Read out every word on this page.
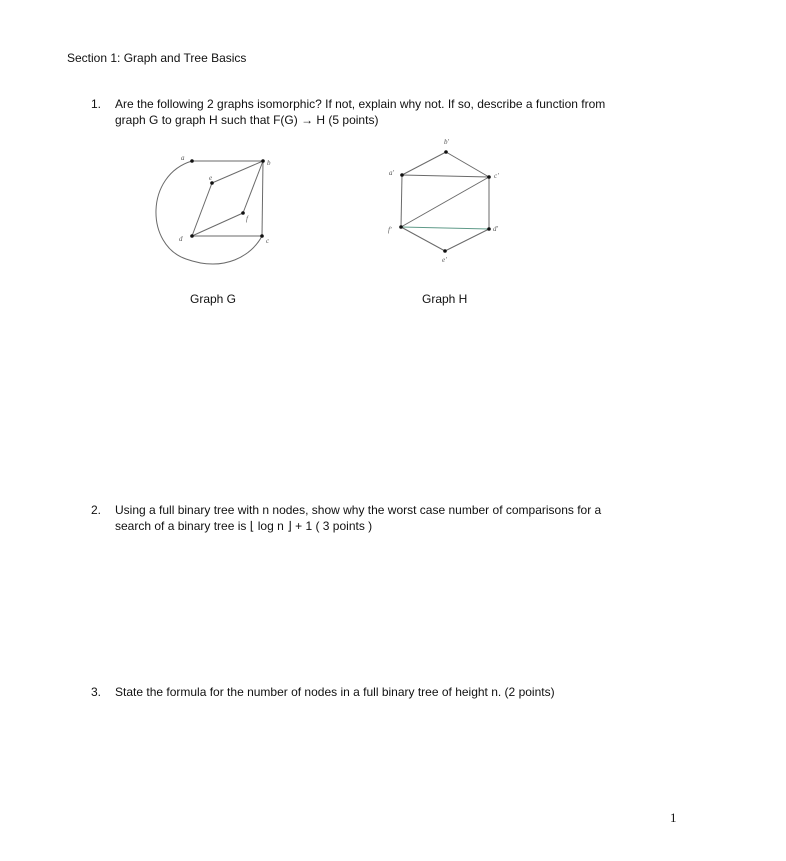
Section 1: Graph and Tree Basics
1. Are the following 2 graphs isomorphic? If not, explain why not. If so, describe a function from
graph G to graph H such that F(G) → H (5 points)
a
b
c
d
e
f
b'
a'	c'
f'	d'
e'
Graph G	Graph H
2. Using a full binary tree with n nodes, show why the worst case number of comparisons for a
search of a binary tree is ⌊ log n ⌋ + 1 ( 3 points )
3. State the formula for the number of nodes in a full binary tree of height n. (2 points)
1
